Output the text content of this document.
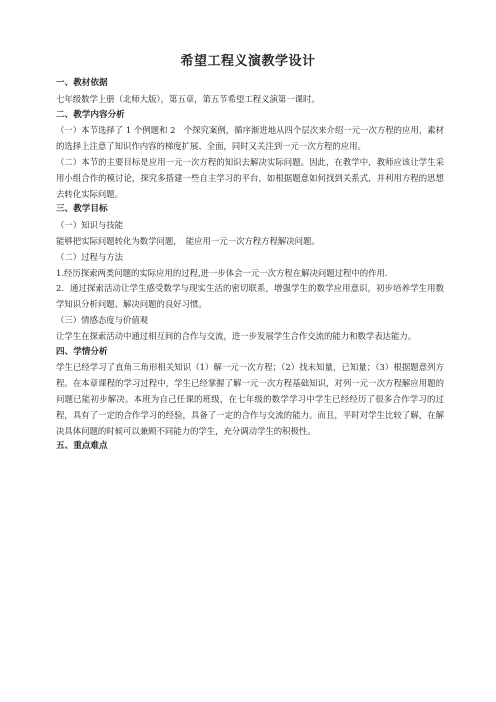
希望工程义演教学设计

一、教材依据

七年级数学上册（北师大版），第五章，第五节希望工程义演第一课时。

二、教学内容分析

（一）本节选择了 1 个例题和 2　个探究案例，循序渐进地从四个层次来介绍一元一次方程的应用，素材的选择上注意了知识作内容的梯度扩展、全面，同时又关注到一元一次方程的应用。

（二）本节的主要目标是应用一元一次方程的知识去解决实际问题。因此，在教学中，教师应该让学生采用小组合作的模讨论，探究多搭建一些自主学习的平台，如根据题意如何找到关系式，并利用方程的思想去转化实际问题。

三、教学目标

（一）知识与技能

能够把实际问题转化为数学问题，　能应用一元一次方程方程解决问题。

（二）过程与方法

1.经历探索两类问题的实际应用的过程,进一步体会一元一次方程在解决问题过程中的作用.

2．通过探索活动让学生感受数学与现实生活的密切联系，增强学生的数学应用意识，初步培养学生用数学知识分析问题、解决问题的良好习惯。

（三）情感态度与价值观

让学生在探索活动中通过相互间的合作与交流，进一步发展学生合作交流的能力和数学表达能力。

四、学情分析

学生已经学习了直角三角形相关知识（1）解一元一次方程；（2）找未知量，已知量；（3）根据题意列方程。在本章课程的学习过程中，学生已经掌握了解一元一次方程基础知识，对列一元一次方程解应用题的问题已能初步解决。本班为自己任课的班级，在七年级的数学学习中学生已经经历了很多合作学习的过程，具有了一定的合作学习的经验，具备了一定的合作与交流的能力。而且，平时对学生比较了解，在解决具体问题的时候可以兼顾不同能力的学生，充分调动学生的积极性。

五、重点难点
